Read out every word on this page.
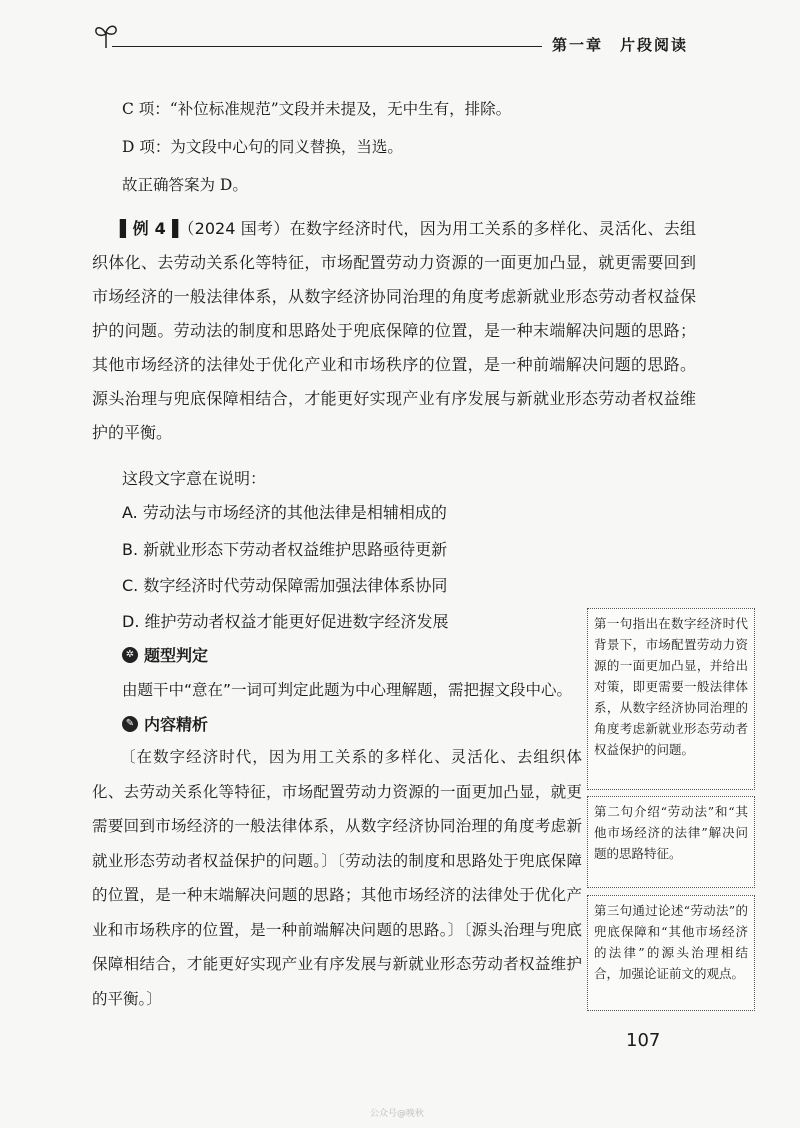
第一章　片段阅读
C 项：“补位标准规范”文段并未提及，无中生有，排除。
D 项：为文段中心句的同义替换，当选。
故正确答案为 D。
▌例 4▐（2024 国考）在数字经济时代，因为用工关系的多样化、灵活化、去组织体化、去劳动关系化等特征，市场配置劳动力资源的一面更加凸显，就更需要回到市场经济的一般法律体系，从数字经济协同治理的角度考虑新就业形态劳动者权益保护的问题。劳动法的制度和思路处于兜底保障的位置，是一种末端解决问题的思路；其他市场经济的法律处于优化产业和市场秩序的位置，是一种前端解决问题的思路。源头治理与兜底保障相结合，才能更好实现产业有序发展与新就业形态劳动者权益维护的平衡。
这段文字意在说明：
A. 劳动法与市场经济的其他法律是相辅相成的
B. 新就业形态下劳动者权益维护思路亟待更新
C. 数字经济时代劳动保障需加强法律体系协同
D. 维护劳动者权益才能更好促进数字经济发展
✲ 题型判定
由题干中“意在”一词可判定此题为中心理解题，需把握文段中心。
✎ 内容精析
〔在数字经济时代，因为用工关系的多样化、灵活化、去组织体化、去劳动关系化等特征，市场配置劳动力资源的一面更加凸显，就更需要回到市场经济的一般法律体系，从数字经济协同治理的角度考虑新就业形态劳动者权益保护的问题。〕〔劳动法的制度和思路处于兜底保障的位置，是一种末端解决问题的思路；其他市场经济的法律处于优化产业和市场秩序的位置，是一种前端解决问题的思路。〕〔源头治理与兜底保障相结合，才能更好实现产业有序发展与新就业形态劳动者权益维护的平衡。〕
第一句指出在数字经济时代背景下，市场配置劳动力资源的一面更加凸显，并给出对策，即更需要一般法律体系，从数字经济协同治理的角度考虑新就业形态劳动者权益保护的问题。
第二句介绍“劳动法”和“其他市场经济的法律”解决问题的思路特征。
第三句通过论述“劳动法”的兜底保障和“其他市场经济的法律”的源头治理相结合，加强论证前文的观点。
107
公众号@晚秋
